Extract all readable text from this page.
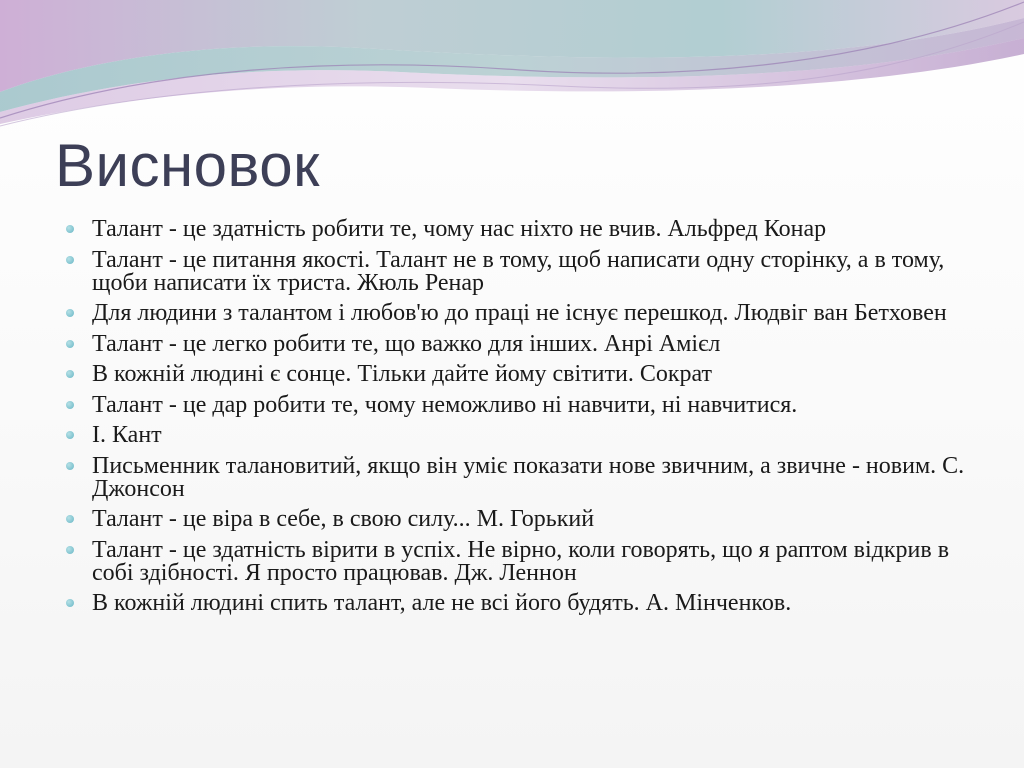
Висновок
Талант - це здатність робити те, чому нас ніхто не вчив. Альфред Конар
Талант - це питання якості. Талант не в тому, щоб написати одну сторінку, а в тому, щоби написати їх триста. Жюль Ренар
Для людини з талантом і любов'ю до праці не існує перешкод. Людвіг ван Бетховен
Талант - це легко робити те, що важко для інших. Анрі Амієл
В кожній людині є сонце. Тільки дайте йому світити. Сократ
Талант - це дар робити те, чому неможливо ні навчити, ні навчитися.
І. Кант
Письменник талановитий, якщо він уміє показати нове звичним, а звичне - новим. С. Джонсон
Талант - це віра в себе, в свою силу... М. Горький
Талант - це здатність вірити в успіх. Не вірно, коли говорять, що я раптом відкрив в собі здібності. Я просто працював. Дж. Леннон
В кожній людині спить талант, але не всі його будять. А. Мінченков.
